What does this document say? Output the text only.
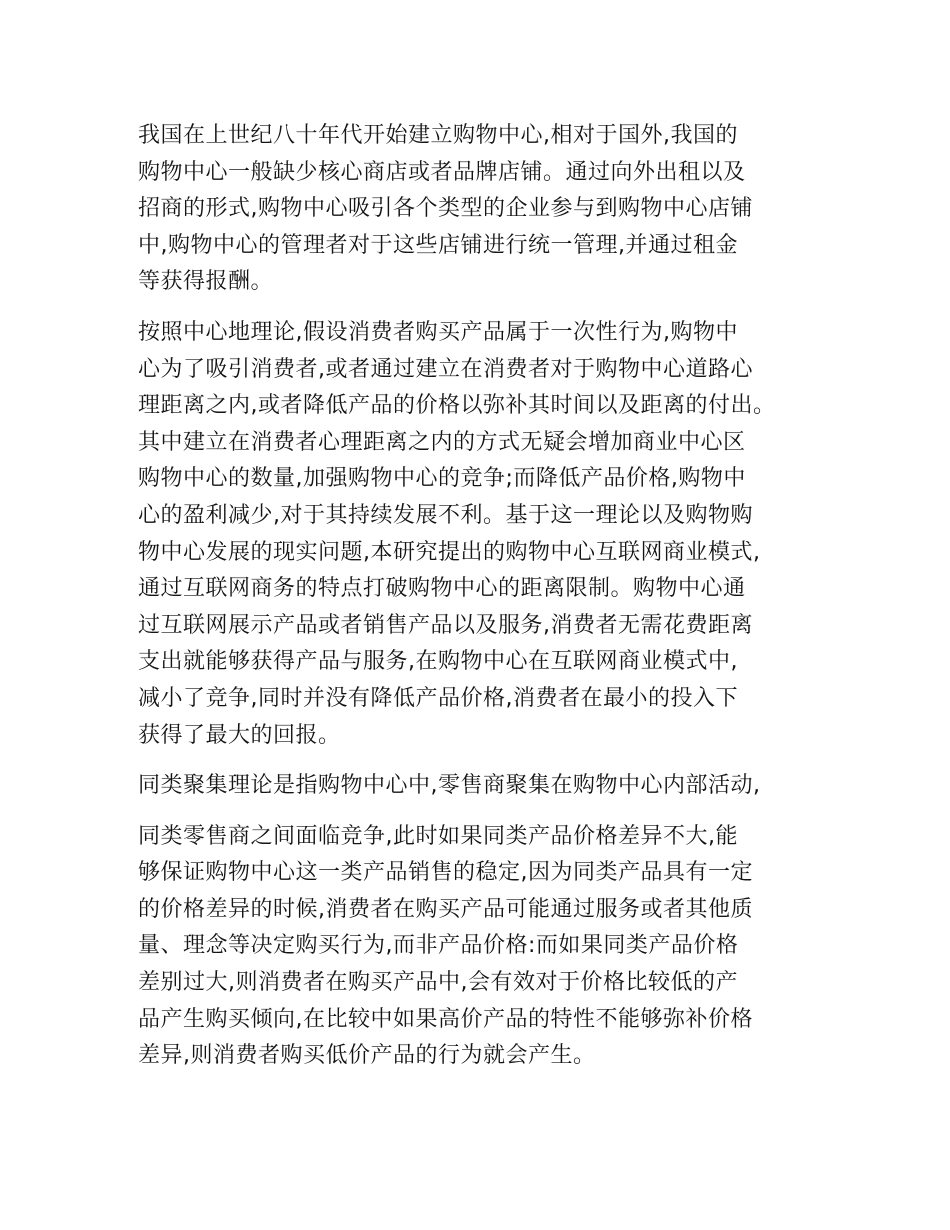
我国在上世纪八十年代开始建立购物中心,相对于国外,我国的
购物中心一般缺少核心商店或者品牌店铺。通过向外出租以及
招商的形式,购物中心吸引各个类型的企业参与到购物中心店铺
中,购物中心的管理者对于这些店铺进行统一管理,并通过租金
等获得报酬。
按照中心地理论,假设消费者购买产品属于一次性行为,购物中
心为了吸引消费者,或者通过建立在消费者对于购物中心道路心
理距离之内,或者降低产品的价格以弥补其时间以及距离的付出。
其中建立在消费者心理距离之内的方式无疑会增加商业中心区
购物中心的数量,加强购物中心的竞争;而降低产品价格,购物中
心的盈利减少,对于其持续发展不利。基于这一理论以及购物购
物中心发展的现实问题,本研究提出的购物中心互联网商业模式,
通过互联网商务的特点打破购物中心的距离限制。购物中心通
过互联网展示产品或者销售产品以及服务,消费者无需花费距离
支出就能够获得产品与服务,在购物中心在互联网商业模式中,
减小了竞争,同时并没有降低产品价格,消费者在最小的投入下
获得了最大的回报。
同类聚集理论是指购物中心中,零售商聚集在购物中心内部活动,
同类零售商之间面临竞争,此时如果同类产品价格差异不大,能
够保证购物中心这一类产品销售的稳定,因为同类产品具有一定
的价格差异的时候,消费者在购买产品可能通过服务或者其他质
量、理念等决定购买行为,而非产品价格:而如果同类产品价格
差别过大,则消费者在购买产品中,会有效对于价格比较低的产
品产生购买倾向,在比较中如果高价产品的特性不能够弥补价格
差异,则消费者购买低价产品的行为就会产生。
